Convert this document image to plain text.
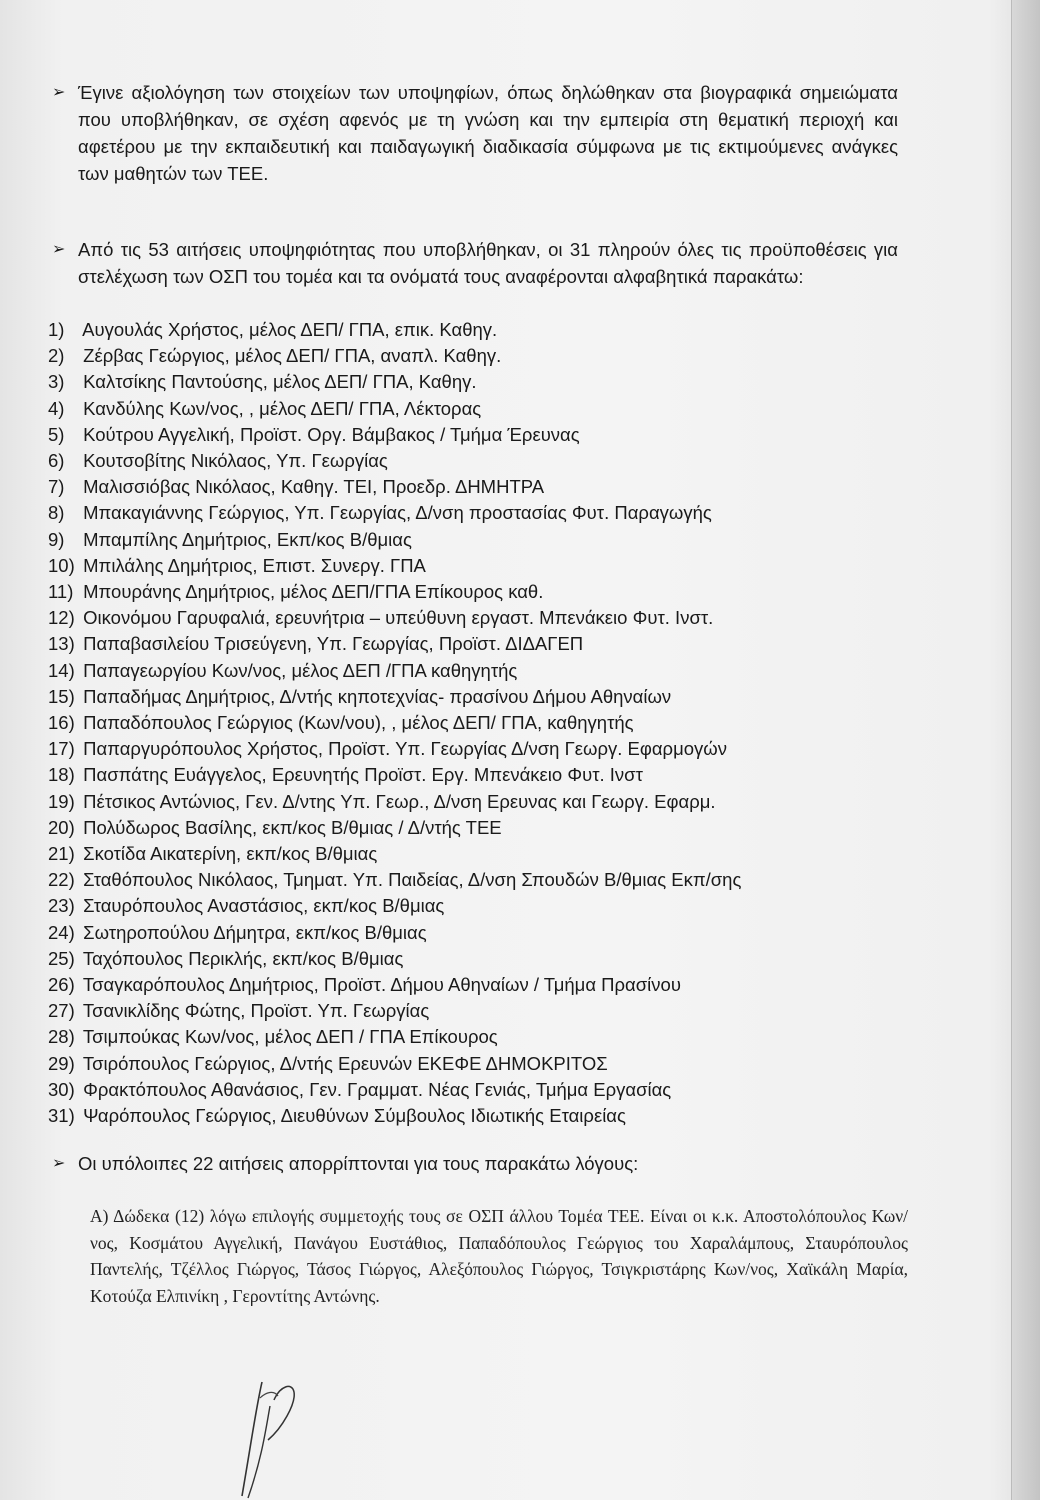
➢ Έγινε αξιολόγηση των στοιχείων των υποψηφίων, όπως δηλώθηκαν στα βιογραφικά σημειώματα που υποβλήθηκαν, σε σχέση αφενός με τη γνώση και την εμπειρία στη θεματική περιοχή και αφετέρου με την εκπαιδευτική και παιδαγωγική διαδικασία σύμφωνα με τις εκτιμούμενες ανάγκες των μαθητών των ΤΕΕ.
➢ Από τις 53 αιτήσεις υποψηφιότητας που υποβλήθηκαν, οι 31 πληρούν όλες τις προϋποθέσεις για στελέχωση των ΟΣΠ του τομέα και τα ονόματά τους αναφέρονται αλφαβητικά παρακάτω:
1) Αυγουλάς Χρήστος, μέλος ΔΕΠ/ ΓΠΑ, επικ. Καθηγ.
2) Ζέρβας Γεώργιος, μέλος ΔΕΠ/ ΓΠΑ, αναπλ. Καθηγ.
3) Καλτσίκης Παντούσης, μέλος ΔΕΠ/ ΓΠΑ, Καθηγ.
4) Κανδύλης Κων/νος, , μέλος ΔΕΠ/ ΓΠΑ, Λέκτορας
5) Κούτρου Αγγελική, Προϊστ. Οργ. Βάμβακος / Τμήμα Έρευνας
6) Κουτσοβίτης Νικόλαος, Υπ. Γεωργίας
7) Μαλισσιόβας Νικόλαος, Καθηγ. ΤΕΙ, Προεδρ. ΔΗΜΗΤΡΑ
8) Μπακαγιάννης Γεώργιος, Υπ. Γεωργίας, Δ/νση προστασίας Φυτ. Παραγωγής
9) Μπαμπίλης Δημήτριος, Εκπ/κος Β/θμιας
10) Μπιλάλης Δημήτριος, Επιστ. Συνεργ. ΓΠΑ
11) Μπουράνης Δημήτριος, μέλος ΔΕΠ/ΓΠΑ Επίκουρος καθ.
12) Οικονόμου Γαρυφαλιά, ερευνήτρια – υπεύθυνη εργαστ. Μπενάκειο Φυτ. Ινστ.
13) Παπαβασιλείου Τρισεύγενη, Υπ. Γεωργίας, Προϊστ. ΔΙΔΑΓΕΠ
14) Παπαγεωργίου Κων/νος, μέλος ΔΕΠ /ΓΠΑ καθηγητής
15) Παπαδήμας Δημήτριος, Δ/ντής κηποτεχνίας- πρασίνου Δήμου Αθηναίων
16) Παπαδόπουλος Γεώργιος (Κων/νου), , μέλος ΔΕΠ/ ΓΠΑ, καθηγητής
17) Παπαργυρόπουλος Χρήστος, Προϊστ. Υπ. Γεωργίας Δ/νση Γεωργ. Εφαρμογών
18) Πασπάτης Ευάγγελος, Ερευνητής Προϊστ. Εργ. Μπενάκειο Φυτ. Ινστ
19) Πέτσικος Αντώνιος, Γεν. Δ/ντης Υπ. Γεωρ., Δ/νση Ερευνας και Γεωργ. Εφαρμ.
20) Πολύδωρος Βασίλης, εκπ/κος Β/θμιας / Δ/ντής ΤΕΕ
21) Σκοτίδα Αικατερίνη, εκπ/κος Β/θμιας
22) Σταθόπουλος Νικόλαος, Τμηματ. Υπ. Παιδείας, Δ/νση Σπουδών Β/θμιας Εκπ/σης
23) Σταυρόπουλος Αναστάσιος, εκπ/κος Β/θμιας
24) Σωτηροπούλου Δήμητρα, εκπ/κος Β/θμιας
25) Ταχόπουλος Περικλής, εκπ/κος Β/θμιας
26) Τσαγκαρόπουλος Δημήτριος, Προϊστ. Δήμου Αθηναίων / Τμήμα Πρασίνου
27) Τσανικλίδης Φώτης, Προϊστ. Υπ. Γεωργίας
28) Τσιμπούκας Κων/νος, μέλος ΔΕΠ / ΓΠΑ Επίκουρος
29) Τσιρόπουλος Γεώργιος, Δ/ντής Ερευνών ΕΚΕΦΕ ΔΗΜΟΚΡΙΤΟΣ
30) Φρακτόπουλος Αθανάσιος, Γεν. Γραμματ. Νέας Γενιάς, Τμήμα Εργασίας
31) Ψαρόπουλος Γεώργιος, Διευθύνων Σύμβουλος Ιδιωτικής Εταιρείας
➢ Οι υπόλοιπες 22 αιτήσεις απορρίπτονται για τους παρακάτω λόγους:
Α) Δώδεκα (12) λόγω επιλογής συμμετοχής τους σε ΟΣΠ άλλου Τομέα ΤΕΕ. Είναι οι κ.κ. Αποστολόπουλος Κων/νος, Κοσμάτου Αγγελική, Πανάγου Ευστάθιος, Παπαδόπουλος Γεώργιος του Χαραλάμπους, Σταυρόπουλος Παντελής, Τζέλλος Γιώργος, Τάσος Γιώργος, Αλεξόπουλος Γιώργος, Τσιγκριστάρης Κων/νος, Χαϊκάλη Μαρία, Κοτούζα Ελπινίκη , Γεροντίτης Αντώνης.
